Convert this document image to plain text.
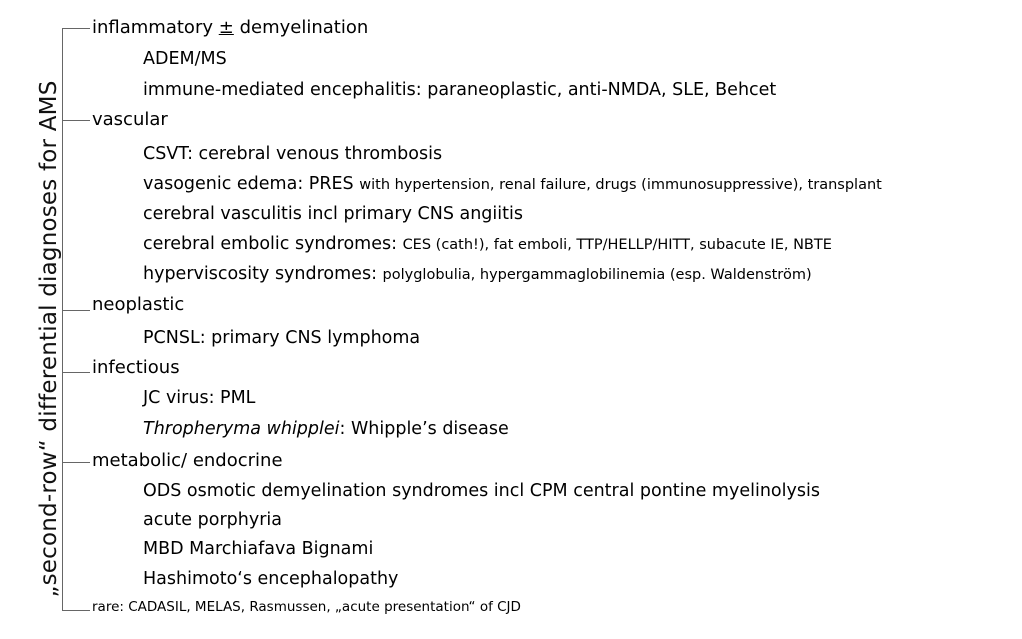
„second-row“ differential diagnoses for AMS
inflammatory ± demyelination
ADEM/MS
immune-mediated encephalitis: paraneoplastic, anti-NMDA, SLE, Behcet
vascular
CSVT: cerebral venous thrombosis
vasogenic edema: PRES with hypertension, renal failure, drugs (immunosuppressive), transplant
cerebral vasculitis incl primary CNS angiitis
cerebral embolic syndromes: CES (cath!), fat emboli, TTP/HELLP/HITT, subacute IE, NBTE
hyperviscosity syndromes: polyglobulia, hypergammaglobilinemia (esp. Waldenström)
neoplastic
PCNSL: primary CNS lymphoma
infectious
JC virus: PML
Thropheryma whipplei: Whipple’s disease
metabolic/ endocrine
ODS osmotic demyelination syndromes incl CPM central pontine myelinolysis
acute porphyria
MBD Marchiafava Bignami
Hashimoto‘s encephalopathy
rare: CADASIL, MELAS, Rasmussen, „acute presentation“ of CJD
